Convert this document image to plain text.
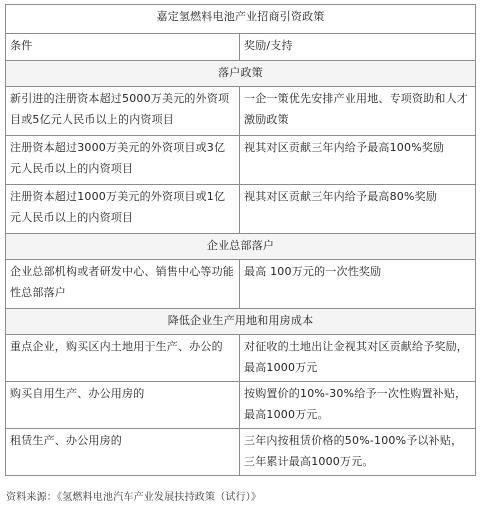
嘉定氢燃料电池产业招商引资政策	
条件	奖励/支持
落户政策	
新引进的注册资本超过5000万美元的外资项目或5亿元人民币以上的内资项目	一企一策优先安排产业用地、专项资助和人才激励政策
注册资本超过3000万美元的外资项目或3亿元人民币以上的内资项目	视其对区贡献三年内给予最高100%奖励
注册资本超过1000万美元的外资项目或1亿元人民币以上的内资项目	视其对区贡献三年内给予最高80%奖励
企业总部落户	
企业总部机构或者研发中心、销售中心等功能性总部落户	最高 100万元的一次性奖励
降低企业生产用地和用房成本	
重点企业，购买区内土地用于生产、办公的	对征收的土地出让金视其对区贡献给予奖励，最高1000万元
购买自用生产、办公用房的	按购置价的10%-30%给予一次性购置补贴，最高1000万元。
租赁生产、办公用房的	三年内按租赁价格的50%-100%予以补贴，三年累计最高1000万元。
资料来源：《氢燃料电池汽车产业发展扶持政策（试行）》
